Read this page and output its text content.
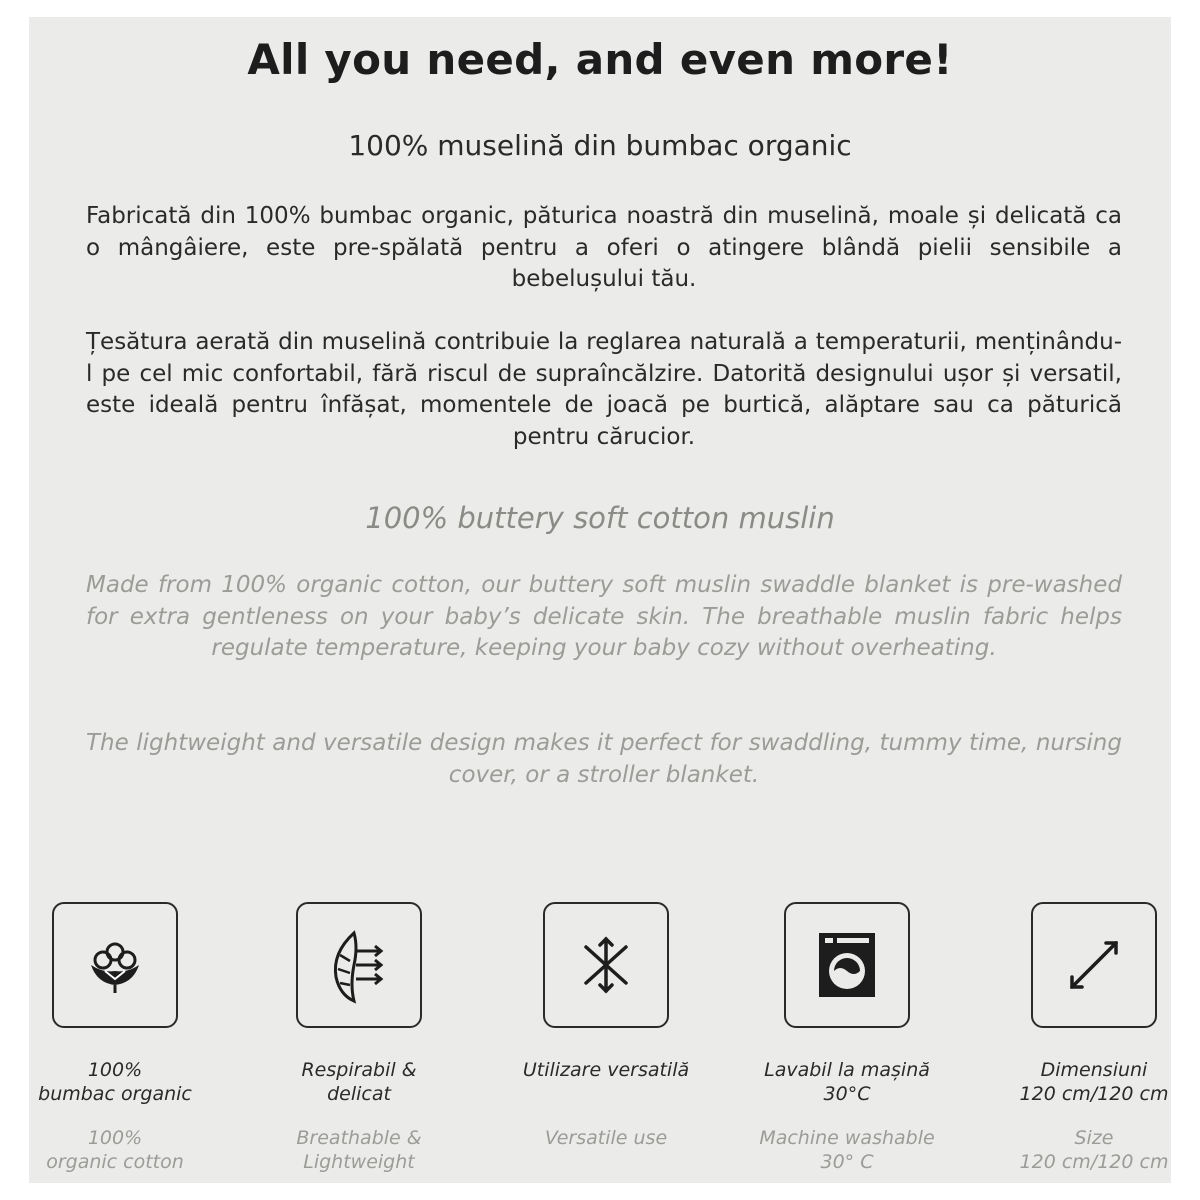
All you need, and even more!
100% muselină din bumbac organic
Fabricată din 100% bumbac organic, păturica noastră din muselină, moale și delicată ca o mângâiere, este pre-spălată pentru a oferi o atingere blândă pielii sensibile a bebelușului tău.
Țesătura aerată din muselină contribuie la reglarea naturală a temperaturii, menținându-l pe cel mic confortabil, fără riscul de supraîncălzire. Datorită designului ușor și versatil, este ideală pentru înfășat, momentele de joacă pe burtică, alăptare sau ca păturică pentru cărucior.
100% buttery soft cotton muslin
Made from 100% organic cotton, our buttery soft muslin swaddle blanket is pre-washed for extra gentleness on your baby’s delicate skin. The breathable muslin fabric helps regulate temperature, keeping your baby cozy without overheating.
The lightweight and versatile design makes it perfect for swaddling, tummy time, nursing cover, or a stroller blanket.
100%
bumbac organic
100%
organic cotton
Respirabil &
delicat
Breathable &
Lightweight
Utilizare versatilă
Versatile use
Lavabil la mașină
30°C
Machine washable
30° C
Dimensiuni
120 cm/120 cm
Size
120 cm/120 cm
